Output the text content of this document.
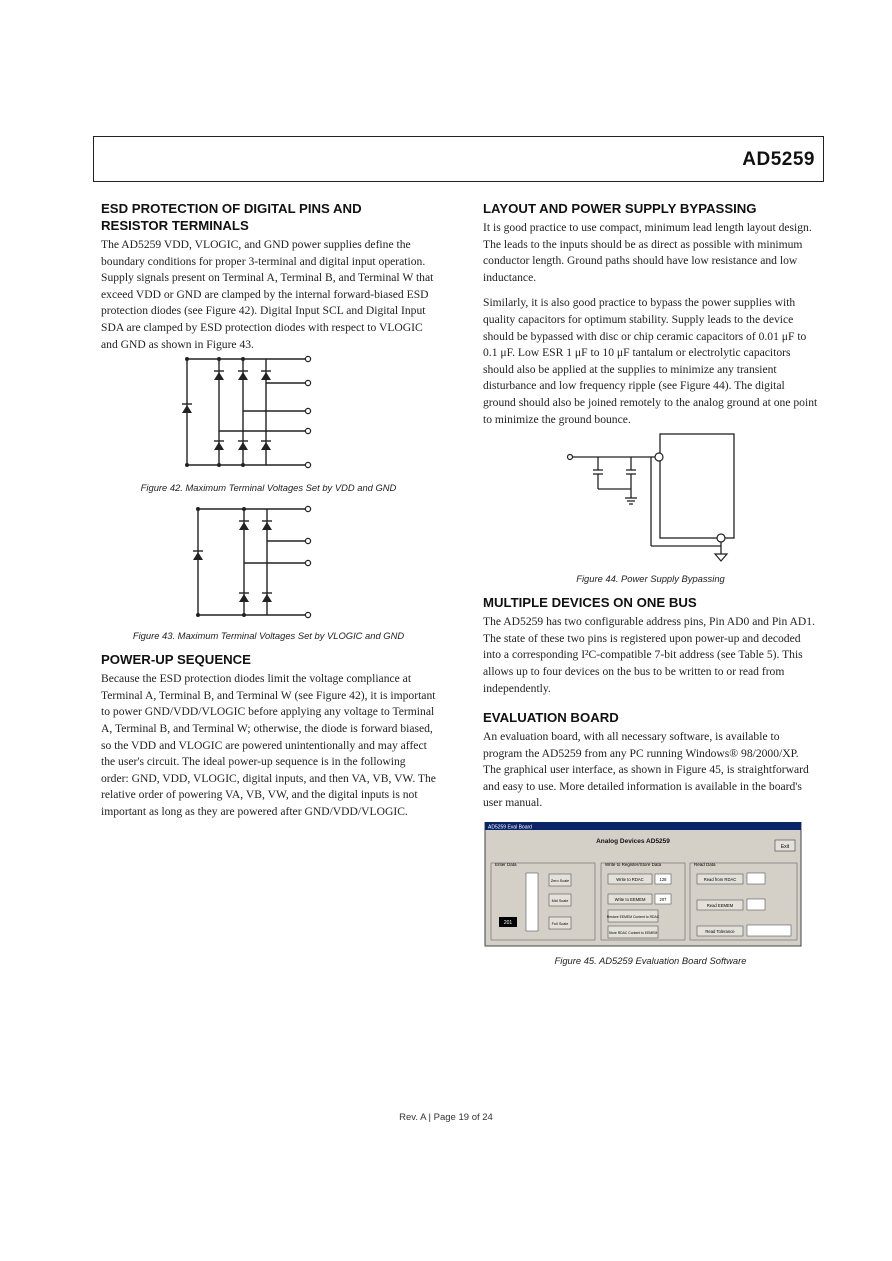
AD5259
ESD PROTECTION OF DIGITAL PINS AND
RESISTOR TERMINALS

The AD5259 VDD, VLOGIC, and GND power supplies define the boundary conditions for proper 3-terminal and digital input operation. Supply signals present on Terminal A, Terminal B, and Terminal W that exceed VDD or GND are clamped by the internal forward-biased ESD protection diodes (see Figure 42). Digital Input SCL and Digital Input SDA are clamped by ESD protection diodes with respect to VLOGIC and GND as shown in Figure 43.

Figure 42. Maximum Terminal Voltages Set by VDD and GND
Figure 43. Maximum Terminal Voltages Set by VLOGIC and GND
POWER-UP SEQUENCE

Because the ESD protection diodes limit the voltage compliance at Terminal A, Terminal B, and Terminal W (see Figure 42), it is important to power GND/VDD/VLOGIC before applying any voltage to Terminal A, Terminal B, and Terminal W; otherwise, the diode is forward biased, so the VDD and VLOGIC are powered unintentionally and may affect the user's circuit. The ideal power-up sequence is in the following order: GND, VDD, VLOGIC, digital inputs, and then VA, VB, VW. The relative order of powering VA, VB, VW, and the digital inputs is not important as long as they are powered after GND/VDD/VLOGIC.

LAYOUT AND POWER SUPPLY BYPASSING

It is good practice to use compact, minimum lead length layout design. The leads to the inputs should be as direct as possible with minimum conductor length. Ground paths should have low resistance and low inductance.

Similarly, it is also good practice to bypass the power supplies with quality capacitors for optimum stability. Supply leads to the device should be bypassed with disc or chip ceramic capacitors of 0.01 μF to 0.1 μF. Low ESR 1 μF to 10 μF tantalum or electrolytic capacitors should also be applied at the supplies to minimize any transient disturbance and low frequency ripple (see Figure 44). The digital ground should also be joined remotely to the analog ground at one point to minimize the ground bounce.

Figure 44. Power Supply Bypassing
MULTIPLE DEVICES ON ONE BUS

The AD5259 has two configurable address pins, Pin AD0 and Pin AD1. The state of these two pins is registered upon power-up and decoded into a corresponding I²C-compatible 7-bit address (see Table 5). This allows up to four devices on the bus to be written to or read from independently.

EVALUATION BOARD

An evaluation board, with all necessary software, is available to program the AD5259 from any PC running Windows® 98/2000/XP. The graphical user interface, as shown in Figure 45, is straightforward and easy to use. More detailed information is available in the board's user manual.

AD5259 Eval Board
Analog Devices AD5259
Exit
Enter Data
201
Zero Scale
Mid Scale
Full Scale
Write to Register/Store Data
Write to RDAC	128
Write to EEMEM	207
Restore EEMEM Content to RDAC
Store RDAC Content to EEMEM
Read Data
Read from RDAC
Read EEMEM
Read Tolerance
Figure 45. AD5259 Evaluation Board Software
Rev. A | Page 19 of 24
